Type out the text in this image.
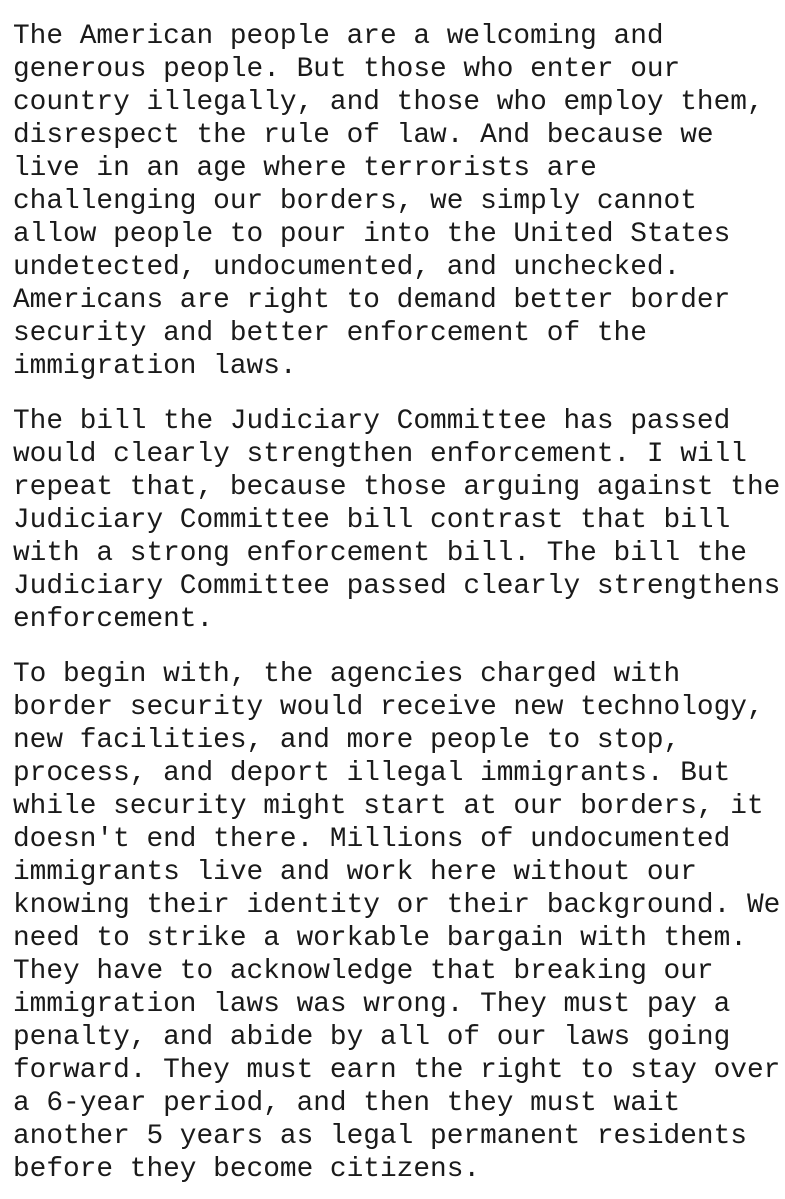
The American people are a welcoming and
generous people. But those who enter our
country illegally, and those who employ them,
disrespect the rule of law. And because we
live in an age where terrorists are
challenging our borders, we simply cannot
allow people to pour into the United States
undetected, undocumented, and unchecked.
Americans are right to demand better border
security and better enforcement of the
immigration laws.
The bill the Judiciary Committee has passed
would clearly strengthen enforcement. I will
repeat that, because those arguing against the
Judiciary Committee bill contrast that bill
with a strong enforcement bill. The bill the
Judiciary Committee passed clearly strengthens
enforcement.
To begin with, the agencies charged with
border security would receive new technology,
new facilities, and more people to stop,
process, and deport illegal immigrants. But
while security might start at our borders, it
doesn't end there. Millions of undocumented
immigrants live and work here without our
knowing their identity or their background. We
need to strike a workable bargain with them.
They have to acknowledge that breaking our
immigration laws was wrong. They must pay a
penalty, and abide by all of our laws going
forward. They must earn the right to stay over
a 6-year period, and then they must wait
another 5 years as legal permanent residents
before they become citizens.
